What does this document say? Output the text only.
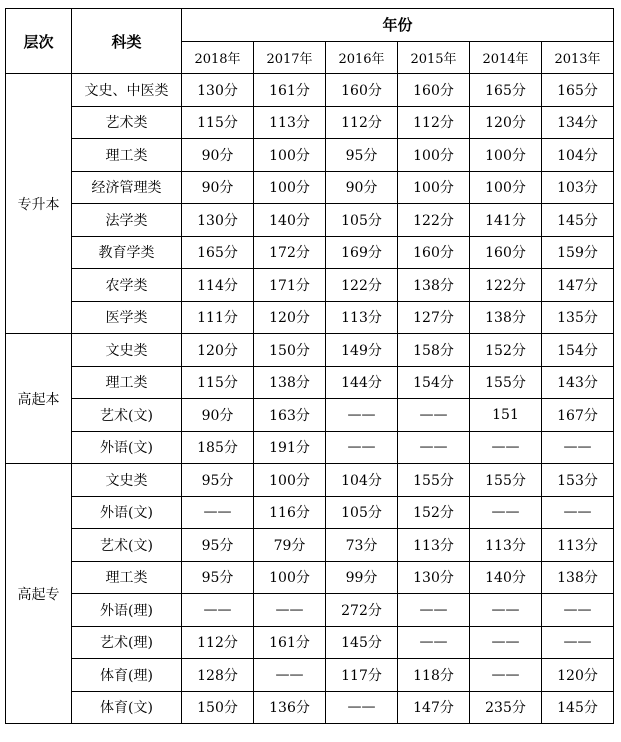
层次	科类	年份					
		2018年	2017年	2016年	2015年	2014年	2013年
专升本	文史、中医类	130分	161分	160分	160分	165分	165分
	艺术类	115分	113分	112分	112分	120分	134分
	理工类	90分	100分	95分	100分	100分	104分
	经济管理类	90分	100分	90分	100分	100分	103分
	法学类	130分	140分	105分	122分	141分	145分
	教育学类	165分	172分	169分	160分	160分	159分
	农学类	114分	171分	122分	138分	122分	147分
	医学类	111分	120分	113分	127分	138分	135分
高起本	文史类	120分	150分	149分	158分	152分	154分
	理工类	115分	138分	144分	154分	155分	143分
	艺术(文)	90分	163分	——	——	151	167分
	外语(文)	185分	191分	——	——	——	——
高起专	文史类	95分	100分	104分	155分	155分	153分
	外语(文)	——	116分	105分	152分	——	——
	艺术(文)	95分	79分	73分	113分	113分	113分
	理工类	95分	100分	99分	130分	140分	138分
	外语(理)	——	——	272分	——	——	——
	艺术(理)	112分	161分	145分	——	——	——
	体育(理)	128分	——	117分	118分	——	120分
	体育(文)	150分	136分	——	147分	235分	145分
